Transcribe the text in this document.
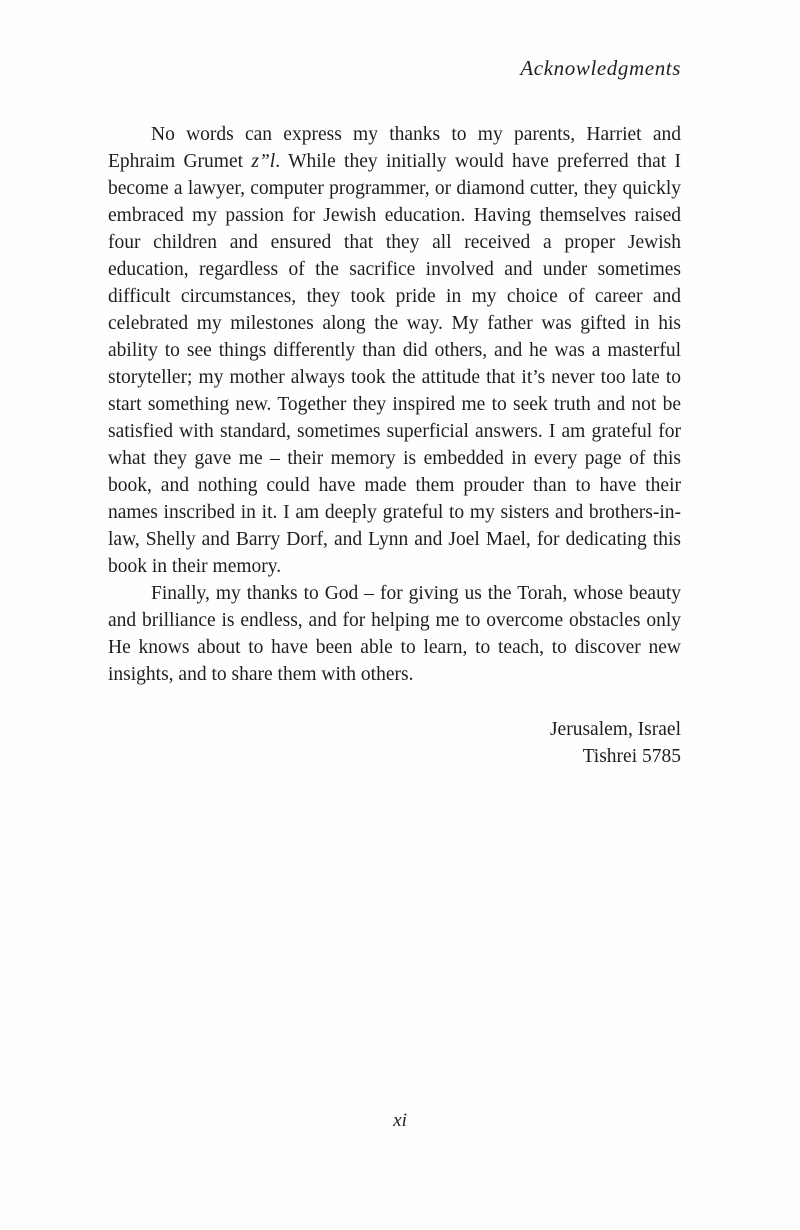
Acknowledgments

No words can express my thanks to my parents, Harriet and Ephraim Grumet z”l. While they initially would have preferred that I become a lawyer, computer programmer, or diamond cutter, they quickly embraced my passion for Jewish education. Having themselves raised four children and ensured that they all received a proper Jewish education, regardless of the sacrifice involved and under sometimes difficult circumstances, they took pride in my choice of career and celebrated my milestones along the way. My father was gifted in his ability to see things differently than did others, and he was a masterful storyteller; my mother always took the attitude that it’s never too late to start something new. Together they inspired me to seek truth and not be satisfied with standard, sometimes superficial answers. I am grateful for what they gave me – their memory is embedded in every page of this book, and nothing could have made them prouder than to have their names inscribed in it. I am deeply grateful to my sisters and brothers-in-law, Shelly and Barry Dorf, and Lynn and Joel Mael, for dedicating this book in their memory.

Finally, my thanks to God – for giving us the Torah, whose beauty and brilliance is endless, and for helping me to overcome obstacles only He knows about to have been able to learn, to teach, to discover new insights, and to share them with others.

Jerusalem, Israel
Tishrei 5785
xi
